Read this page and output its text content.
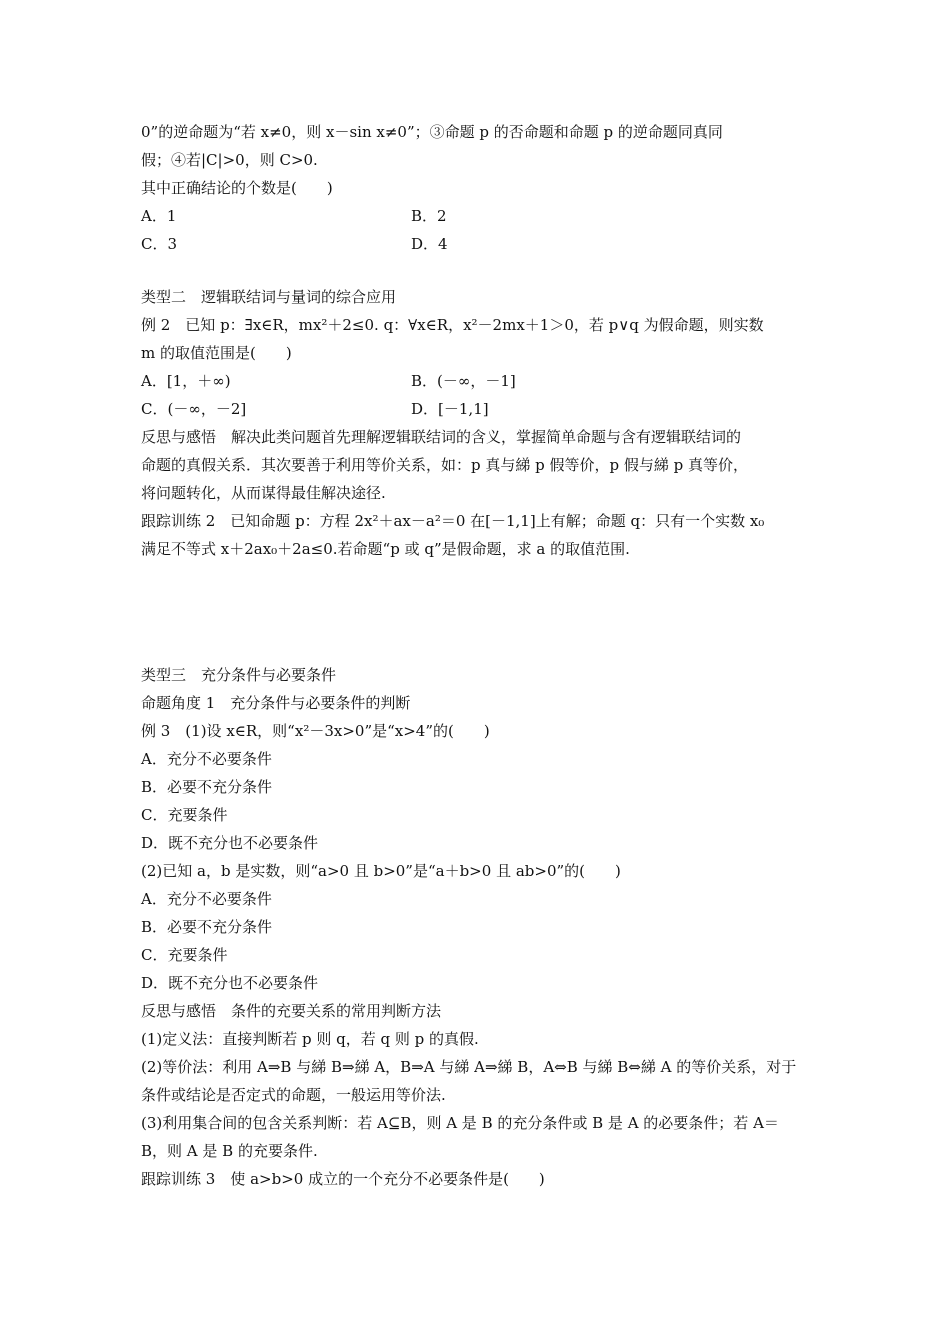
0”的逆命题为“若 x≠0，则 x－sin x≠0”；③命题 p 的否命题和命题 p 的逆命题同真同
假；④若|C|>0，则 C>0.
其中正确结论的个数是(　　)
A．1	B．2
C．3	D．4
类型二　逻辑联结词与量词的综合应用
例 2　已知 p：∃x∈R，mx²＋2≤0. q：∀x∈R，x²－2mx＋1＞0，若 p∨q 为假命题，则实数
m 的取值范围是(　　)
A．[1，＋∞)	B．(－∞，－1]
C．(－∞，－2]	D．[－1,1]
反思与感悟　解决此类问题首先理解逻辑联结词的含义，掌握简单命题与含有逻辑联结词的
命题的真假关系．其次要善于利用等价关系，如：p 真与綈 p 假等价，p 假与綈 p 真等价，
将问题转化，从而谋得最佳解决途径.
跟踪训练 2　已知命题 p：方程 2x²＋ax－a²＝0 在[－1,1]上有解；命题 q：只有一个实数 x₀
满足不等式 x＋2ax₀＋2a≤0.若命题“p 或 q”是假命题，求 a 的取值范围.
类型三　充分条件与必要条件
命题角度 1　充分条件与必要条件的判断
例 3　(1)设 x∈R，则“x²－3x>0”是“x>4”的(　　)
A．充分不必要条件
B．必要不充分条件
C．充要条件
D．既不充分也不必要条件
(2)已知 a，b 是实数，则“a>0 且 b>0”是“a＋b>0 且 ab>0”的(　　)
A．充分不必要条件
B．必要不充分条件
C．充要条件
D．既不充分也不必要条件
反思与感悟　条件的充要关系的常用判断方法
(1)定义法：直接判断若 p 则 q，若 q 则 p 的真假.
(2)等价法：利用 A⇒B 与綈 B⇒綈 A，B⇒A 与綈 A⇒綈 B，A⇔B 与綈 B⇔綈 A 的等价关系，对于
条件或结论是否定式的命题，一般运用等价法.
(3)利用集合间的包含关系判断：若 A⊆B，则 A 是 B 的充分条件或 B 是 A 的必要条件；若 A＝
B，则 A 是 B 的充要条件.
跟踪训练 3　使 a>b>0 成立的一个充分不必要条件是(　　)
